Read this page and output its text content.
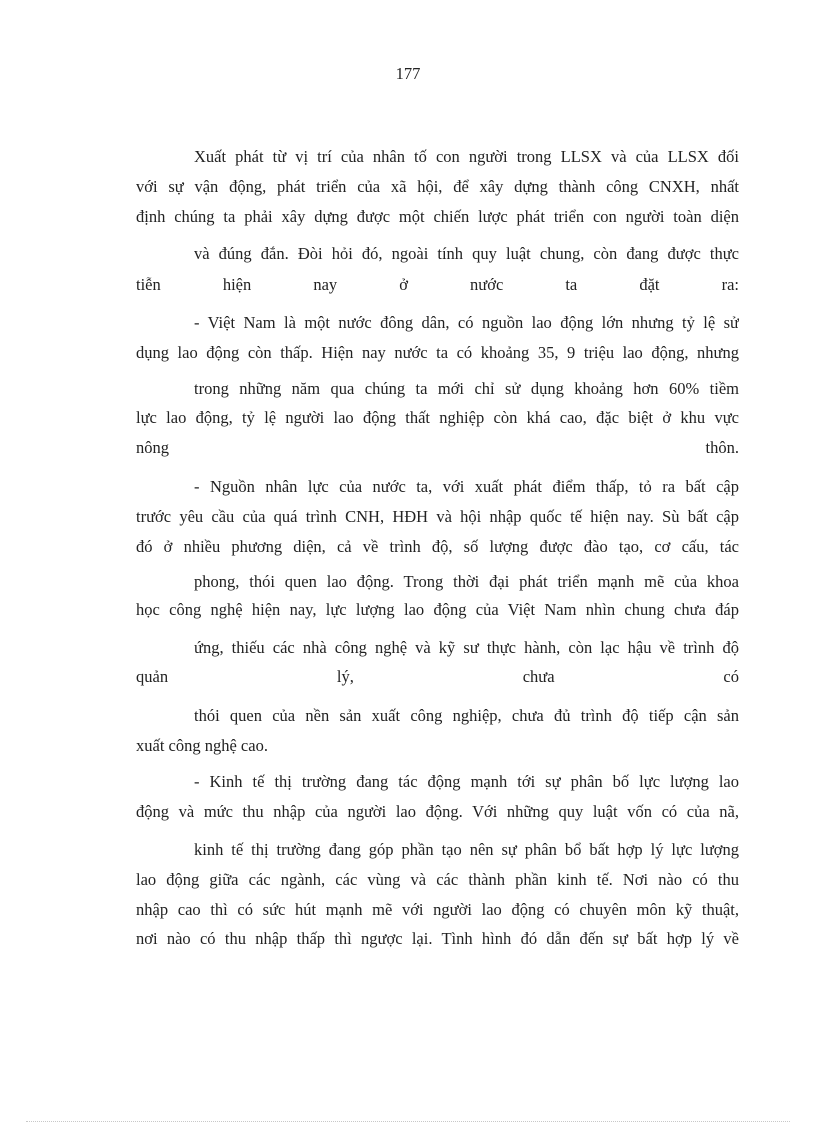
177
Xuất phát từ vị trí của nhân tố con người trong LLSX và của LLSX đối
với sự vận động, phát triển của xã hội, để xây dựng thành công CNXH, nhất
định chúng ta phải xây dựng được một chiến lược phát triển con người toàn diện
và đúng đắn. Đòi hỏi đó, ngoài tính quy luật chung, còn đang được thực
tiễn hiện nay ở nước ta đặt ra:
- Việt Nam là một nước đông dân, có nguồn lao động lớn nhưng tỷ lệ sử
dụng lao động còn thấp. Hiện nay nước ta có khoảng 35, 9 triệu lao động, nhưng
trong những năm qua chúng ta mới chỉ sử dụng khoảng hơn 60% tiềm
lực lao động, tỷ lệ người lao động thất nghiệp còn khá cao, đặc biệt ở khu vực
nông thôn.
- Nguồn nhân lực của nước ta, với xuất phát điểm thấp, tỏ ra bất cập
trước yêu cầu của quá trình CNH, HĐH và hội nhập quốc tế hiện nay. Sù bất cập
đó ở nhiều phương diện, cả về trình độ, số lượng được đào tạo, cơ cấu, tác
phong, thói quen lao động. Trong thời đại phát triển mạnh mẽ của khoa
học công nghệ hiện nay, lực lượng lao động của Việt Nam nhìn chung chưa đáp
ứng, thiếu các nhà công nghệ và kỹ sư thực hành, còn lạc hậu về trình độ
quản lý, chưa có
thói quen của nền sản xuất công nghiệp, chưa đủ trình độ tiếp cận sản
xuất công nghệ cao.
- Kinh tế thị trường đang tác động mạnh tới sự phân bố lực lượng lao
động và mức thu nhập của người lao động. Với những quy luật vốn có của nã,
kinh tế thị trường đang góp phần tạo nên sự phân bổ bất hợp lý lực lượng
lao động giữa các ngành, các vùng và các thành phần kinh tế. Nơi nào có thu
nhập cao thì có sức hút mạnh mẽ với người lao động có chuyên môn kỹ thuật,
nơi nào có thu nhập thấp thì ngược lại. Tình hình đó dẫn đến sự bất hợp lý về
